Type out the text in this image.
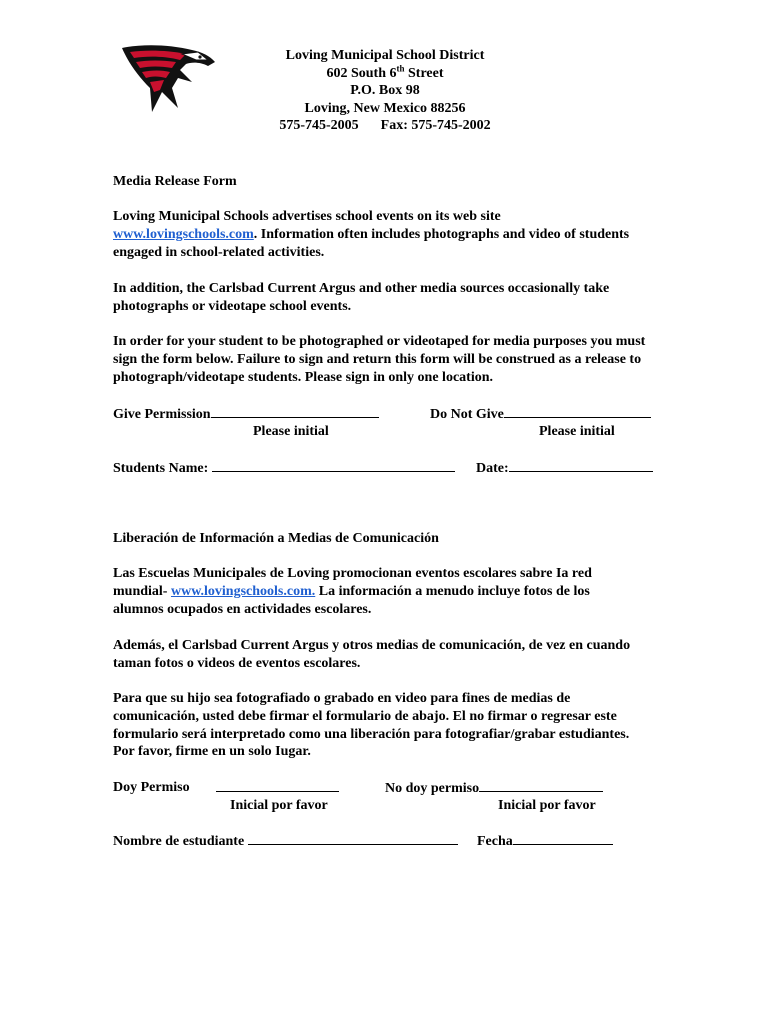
Loving Municipal School District
602 South 6th Street
P.O. Box 98
Loving, New Mexico 88256
575-745-2005 Fax: 575-745-2002
Media Release Form

Loving Municipal Schools advertises school events on its web site
www.lovingschools.com. Information often includes photographs and video of students engaged in school-related activities.

In addition, the Carlsbad Current Argus and other media sources occasionally take photographs or videotape school events.
In order for your student to be photographed or videotaped for media purposes you must sign the form below. Failure to sign and return this form will be construed as a release to photograph/videotape students. Please sign in only one location.
Give Permission	Do Not Give
Please initial	Please initial
Students Name:	Date:
Liberación de Información a Medias de Comunicación

Las Escuelas Municipales de Loving promocionan eventos escolares sabre Ia red mundial- www.lovingschools.com. La información a menudo incluye fotos de los alumnos ocupados en actividades escolares.

Además, el Carlsbad Current Argus y otros medias de comunicación, de vez en cuando taman fotos o videos de eventos escolares.
Para que su hijo sea fotografiado o grabado en video para fines de medias de comunicación, usted debe firmar el formulario de abajo. El no firmar o regresar este formulario será interpretado como una liberación para fotografiar/grabar estudiantes. Por favor, firme en un solo Iugar.
Doy Permiso	No doy permiso
Inicial por favor	Inicial por favor
Nombre de estudiante	Fecha
